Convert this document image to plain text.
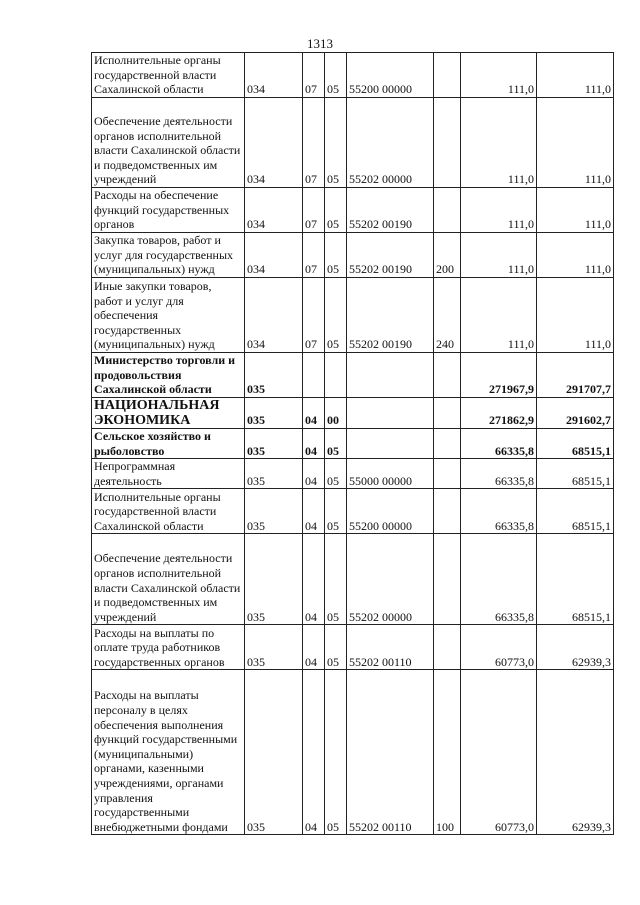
1313
Исполнительные органы государственной власти Сахалинской области	034	07	05	55200 00000		111,0	111,0
Обеспечение деятельности органов исполнительной власти Сахалинской области и подведомственных им учреждений	034	07	05	55202 00000		111,0	111,0
Расходы на обеспечение функций государственных органов	034	07	05	55202 00190		111,0	111,0
Закупка товаров, работ и услуг для государственных (муниципальных) нужд	034	07	05	55202 00190	200	111,0	111,0
Иные закупки товаров, работ и услуг для обеспечения государственных (муниципальных) нужд	034	07	05	55202 00190	240	111,0	111,0
Министерство торговли и продовольствия Сахалинской области	035					271967,9	291707,7
НАЦИОНАЛЬНАЯ ЭКОНОМИКА	035	04	00			271862,9	291602,7
Сельское хозяйство и рыболовство	035	04	05			66335,8	68515,1
Непрограммная деятельность	035	04	05	55000 00000		66335,8	68515,1
Исполнительные органы государственной власти Сахалинской области	035	04	05	55200 00000		66335,8	68515,1
Обеспечение деятельности органов исполнительной власти Сахалинской области и подведомственных им учреждений	035	04	05	55202 00000		66335,8	68515,1
Расходы на выплаты по оплате труда работников государственных органов	035	04	05	55202 00110		60773,0	62939,3
Расходы на выплаты персоналу в целях обеспечения выполнения функций государственными (муниципальными) органами, казенными учреждениями, органами управления государственными внебюджетными фондами	035	04	05	55202 00110	100	60773,0	62939,3
